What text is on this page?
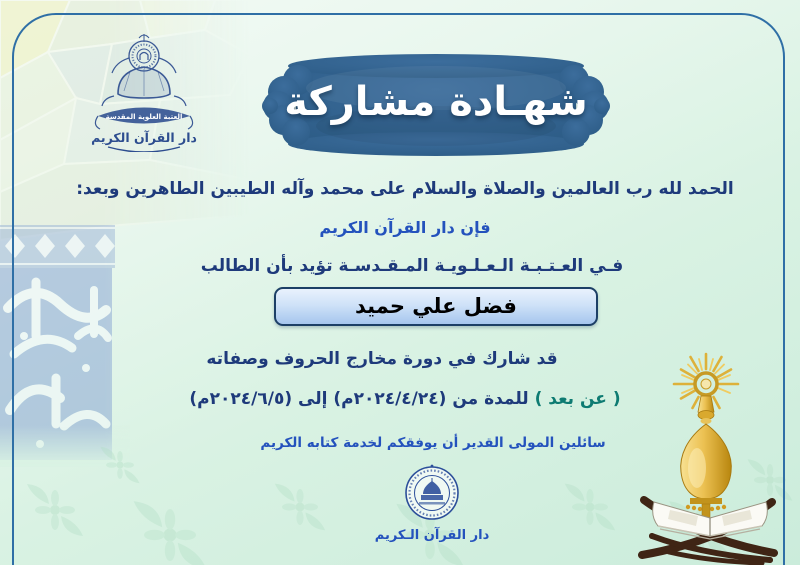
العتبة العلوية المقدسة
دار القرآن الكريم
شهـادة مشاركة

الحمد لله رب العالمين والصلاة والسلام على محمد وآله الطيبين الطاهرين وبعد:

فإن دار القرآن الكريم

فـي العـتـبـة الـعـلـويـة المـقـدسـة تؤيد بأن الطالب

فضل علي حميد

قد شارك في دورة مخارج الحروف وصفاته

( عن بعد ) للمدة من (٢٠٢٤/٤/٢٤م) إلى (٢٠٢٤/٦/٥م)

سائلين المولى القدير أن يوفقكم لخدمة كتابه الكريم

دار القرآن الـكريم
